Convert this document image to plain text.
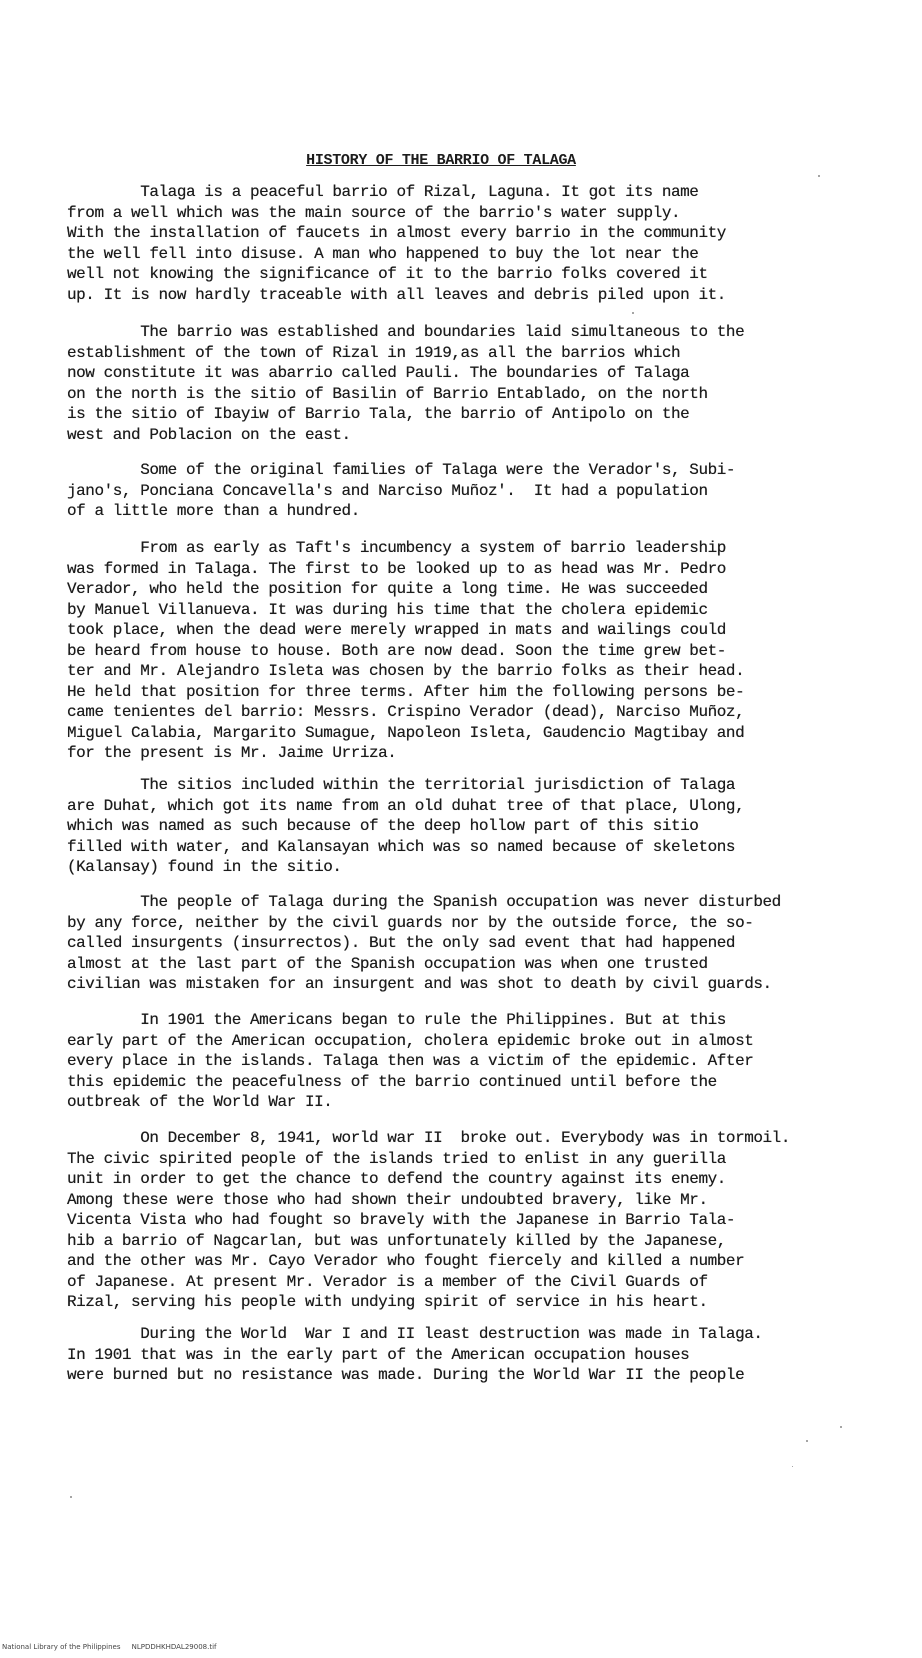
HISTORY OF THE BARRIO OF TALAGA
Talaga is a peaceful barrio of Rizal, Laguna. It got its name
from a well which was the main source of the barrio's water supply.
With the installation of faucets in almost every barrio in the community
the well fell into disuse. A man who happened to buy the lot near the
well not knowing the significance of it to the barrio folks covered it
up. It is now hardly traceable with all leaves and debris piled upon it.
The barrio was established and boundaries laid simultaneous to the
establishment of the town of Rizal in 1919,as all the barrios which
now constitute it was abarrio called Pauli. The boundaries of Talaga
on the north is the sitio of Basilin of Barrio Entablado, on the north
is the sitio of Ibayiw of Barrio Tala, the barrio of Antipolo on the
west and Poblacion on the east.
Some of the original families of Talaga were the Verador's, Subi-
jano's, Ponciana Concavella's and Narciso Muñoz'.  It had a population
of a little more than a hundred.
From as early as Taft's incumbency a system of barrio leadership
was formed in Talaga. The first to be looked up to as head was Mr. Pedro
Verador, who held the position for quite a long time. He was succeeded
by Manuel Villanueva. It was during his time that the cholera epidemic
took place, when the dead were merely wrapped in mats and wailings could
be heard from house to house. Both are now dead. Soon the time grew bet-
ter and Mr. Alejandro Isleta was chosen by the barrio folks as their head.
He held that position for three terms. After him the following persons be-
came tenientes del barrio: Messrs. Crispino Verador (dead), Narciso Muñoz,
Miguel Calabia, Margarito Sumague, Napoleon Isleta, Gaudencio Magtibay and
for the present is Mr. Jaime Urriza.
The sitios included within the territorial jurisdiction of Talaga
are Duhat, which got its name from an old duhat tree of that place, Ulong,
which was named as such because of the deep hollow part of this sitio
filled with water, and Kalansayan which was so named because of skeletons
(Kalansay) found in the sitio.
The people of Talaga during the Spanish occupation was never disturbed
by any force, neither by the civil guards nor by the outside force, the so-
called insurgents (insurrectos). But the only sad event that had happened
almost at the last part of the Spanish occupation was when one trusted
civilian was mistaken for an insurgent and was shot to death by civil guards.
In 1901 the Americans began to rule the Philippines. But at this
early part of the American occupation, cholera epidemic broke out in almost
every place in the islands. Talaga then was a victim of the epidemic. After
this epidemic the peacefulness of the barrio continued until before the
outbreak of the World War II.
On December 8, 1941, world war II  broke out. Everybody was in tormoil.
The civic spirited people of the islands tried to enlist in any guerilla
unit in order to get the chance to defend the country against its enemy.
Among these were those who had shown their undoubted bravery, like Mr.
Vicenta Vista who had fought so bravely with the Japanese in Barrio Tala-
hib a barrio of Nagcarlan, but was unfortunately killed by the Japanese,
and the other was Mr. Cayo Verador who fought fiercely and killed a number
of Japanese. At present Mr. Verador is a member of the Civil Guards of
Rizal, serving his people with undying spirit of service in his heart.
During the World  War I and II least destruction was made in Talaga.
In 1901 that was in the early part of the American occupation houses
were burned but no resistance was made. During the World War II the people
National Library of the Philippines     NLPDDHKHDAL29008.tif
